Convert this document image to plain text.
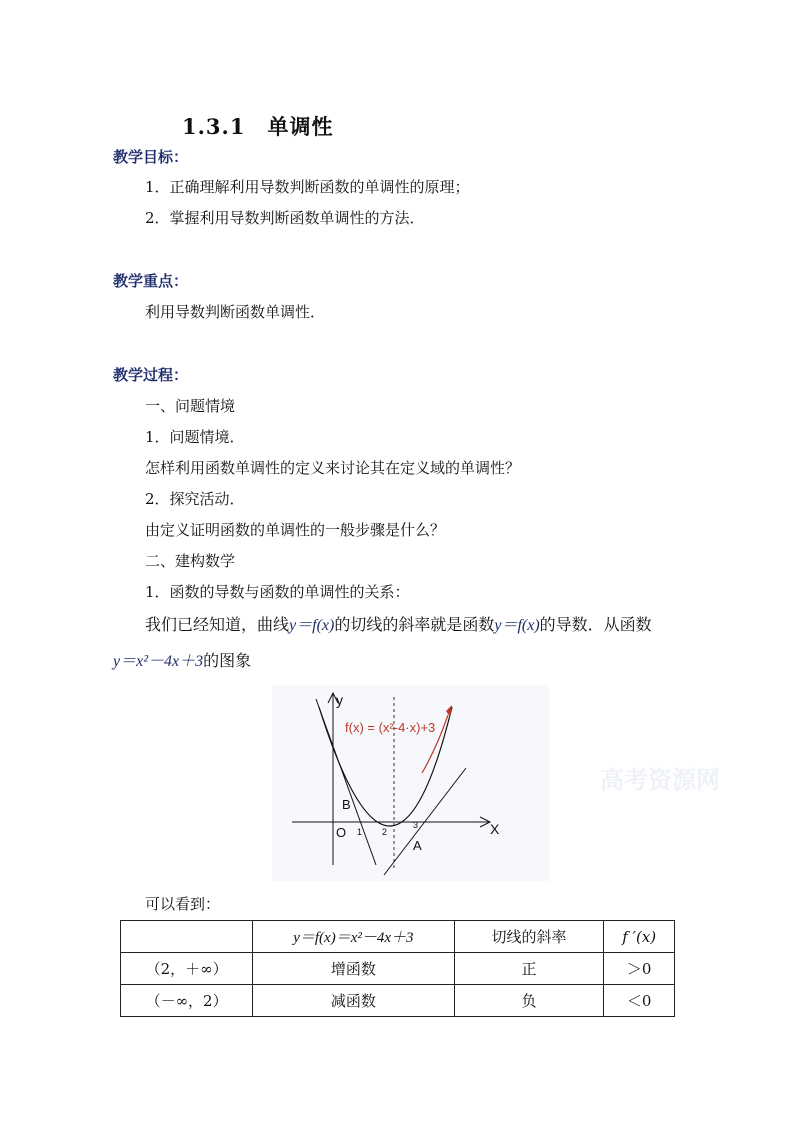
1.3.1　单调性
教学目标：
1．正确理解利用导数判断函数的单调性的原理；
2．掌握利用导数判断函数单调性的方法．
教学重点：
利用导数判断函数单调性．
教学过程：
一、问题情境
1．问题情境．
怎样利用函数单调性的定义来讨论其在定义域的单调性？
2．探究活动．
由定义证明函数的单调性的一般步骤是什么？
二、建构数学
1．函数的导数与函数的单调性的关系：
我们已经知道，曲线y＝f(x)的切线的斜率就是函数y＝f(x)的导数．从函数
y＝x²－4x＋3的图象
y
X
O
B
A
1 2
3
f(x) = (x²-4·x)+3
高考资源网
可以看到：
	y＝f(x)＝x²－4x＋3	切线的斜率	f ′(x)
（2，＋∞）	增函数	正	＞0
（－∞，2）	减函数	负	＜0
